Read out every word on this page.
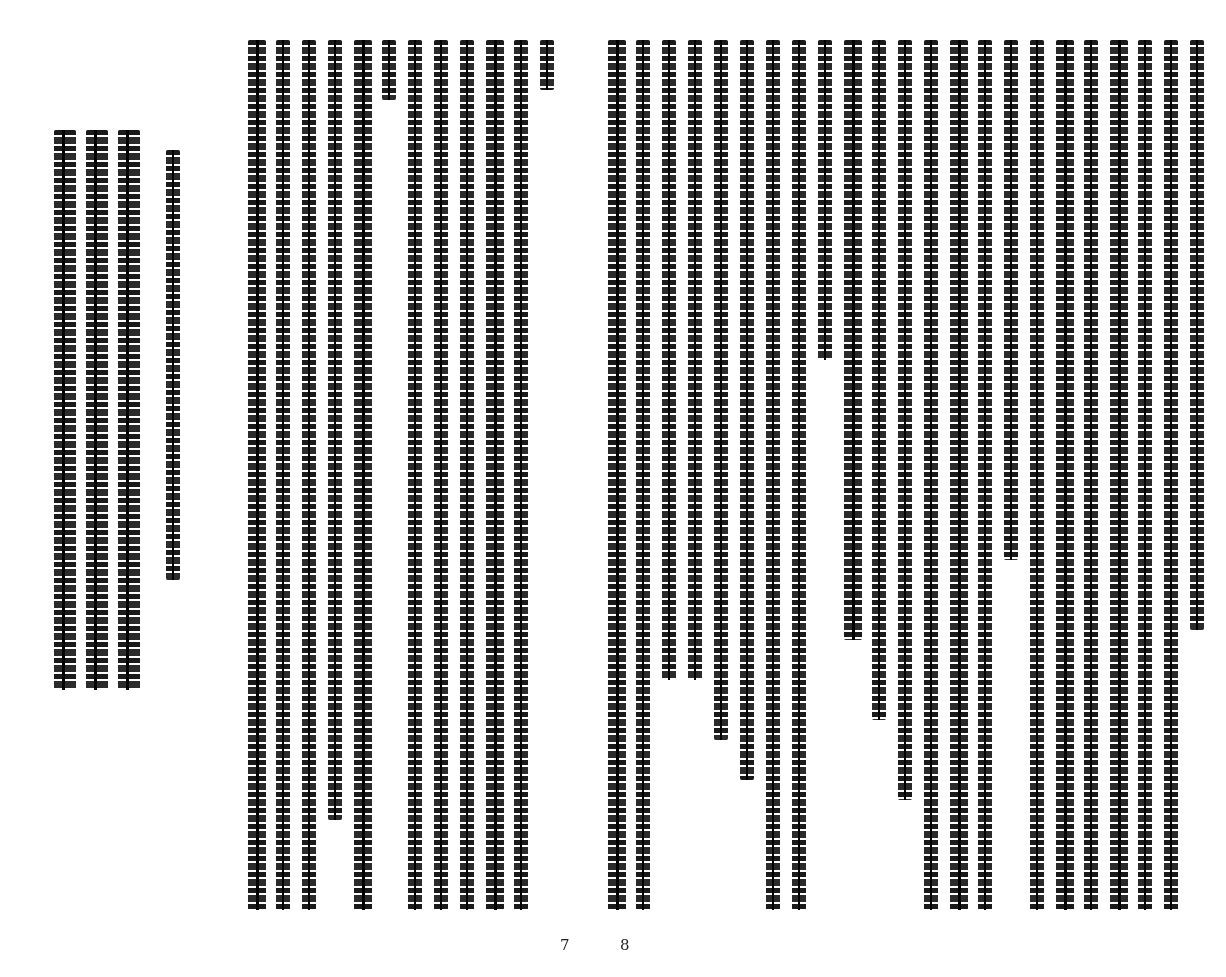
7	8
